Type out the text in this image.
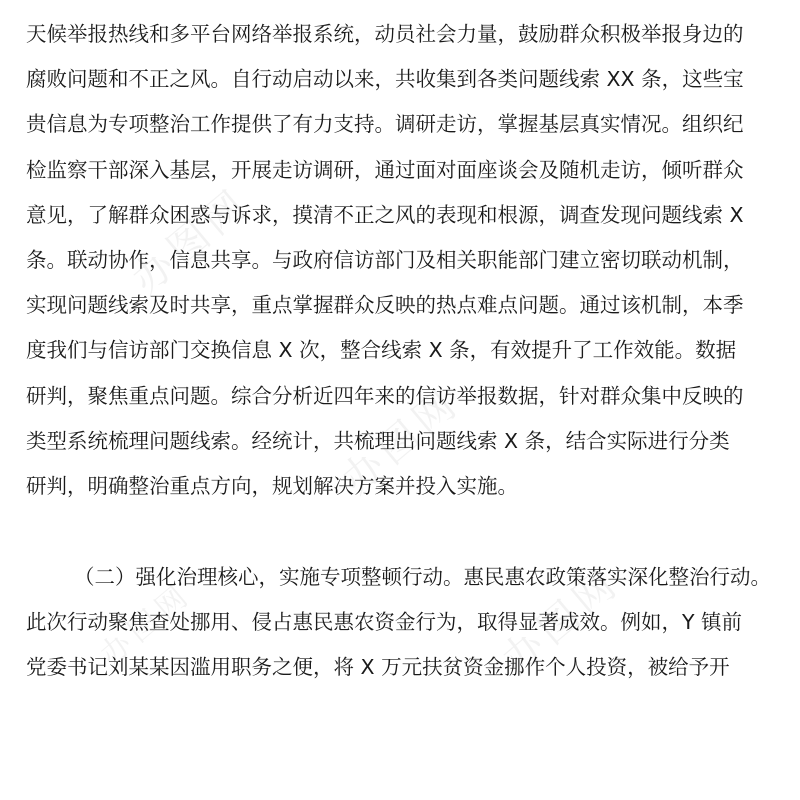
办图网
办图网
办图网
办图网
天候举报热线和多平台网络举报系统，动员社会力量，鼓励群众积极举报身边的
腐败问题和不正之风。自行动启动以来，共收集到各类问题线索 XX 条，这些宝
贵信息为专项整治工作提供了有力支持。调研走访，掌握基层真实情况。组织纪
检监察干部深入基层，开展走访调研，通过面对面座谈会及随机走访，倾听群众
意见，了解群众困惑与诉求，摸清不正之风的表现和根源，调查发现问题线索 X
条。联动协作，信息共享。与政府信访部门及相关职能部门建立密切联动机制，
实现问题线索及时共享，重点掌握群众反映的热点难点问题。通过该机制，本季
度我们与信访部门交换信息 X 次，整合线索 X 条，有效提升了工作效能。数据
研判，聚焦重点问题。综合分析近四年来的信访举报数据，针对群众集中反映的
类型系统梳理问题线索。经统计，共梳理出问题线索 X 条，结合实际进行分类
研判，明确整治重点方向，规划解决方案并投入实施。
（二）强化治理核心，实施专项整顿行动。惠民惠农政策落实深化整治行动。
此次行动聚焦查处挪用、侵占惠民惠农资金行为，取得显著成效。例如，Y 镇前
党委书记刘某某因滥用职务之便，将 X 万元扶贫资金挪作个人投资，被给予开
